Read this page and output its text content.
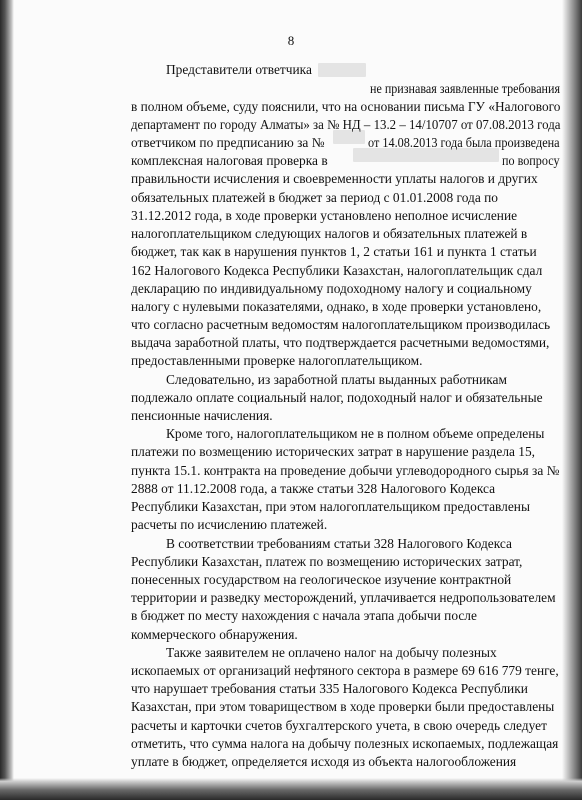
8
Представители ответчика
не признавая заявленные требования
в полном объеме, суду пояснили, что на основании письма ГУ «Налогового
департамент по городу Алматы» за № НД – 13.2 – 14/10707 от 07.08.2013 года
ответчиком по предписанию за №	от 14.08.2013 года была произведена
комплексная налоговая проверка в	по вопросу
правильности исчисления и своевременности уплаты налогов и других
обязательных платежей в бюджет за период с 01.01.2008 года по
31.12.2012 года, в ходе проверки установлено неполное исчисление
налогоплательщиком следующих налогов и обязательных платежей в
бюджет, так как в нарушения пунктов 1, 2 статьи 161 и пункта 1 статьи
162 Налогового Кодекса Республики Казахстан, налогоплательщик сдал
декларацию по индивидуальному подоходному налогу и социальному
налогу с нулевыми показателями, однако, в ходе проверки установлено,
что согласно расчетным ведомостям налогоплательщиком производилась
выдача заработной платы, что подтверждается расчетными ведомостями,
предоставленными проверке налогоплательщиком.
Следовательно, из заработной платы выданных работникам
подлежало оплате социальный налог, подоходный налог и обязательные
пенсионные начисления.
Кроме того, налогоплательщиком не в полном объеме определены
платежи по возмещению исторических затрат в нарушение раздела 15,
пункта 15.1. контракта на проведение добычи углеводородного сырья за №
2888 от 11.12.2008 года, а также статьи 328 Налогового Кодекса
Республики Казахстан, при этом налогоплательщиком предоставлены
расчеты по исчислению платежей.
В соответствии требованиям статьи 328 Налогового Кодекса
Республики Казахстан, платеж по возмещению исторических затрат,
понесенных государством на геологическое изучение контрактной
территории и разведку месторождений, уплачивается недропользователем
в бюджет по месту нахождения с начала этапа добычи после
коммерческого обнаружения.
Также заявителем не оплачено налог на добычу полезных
ископаемых от организаций нефтяного сектора в размере 69 616 779 тенге,
что нарушает требования статьи 335 Налогового Кодекса Республики
Казахстан, при этом товариществом в ходе проверки были предоставлены
расчеты и карточки счетов бухгалтерского учета, в свою очередь следует
отметить, что сумма налога на добычу полезных ископаемых, подлежащая
уплате в бюджет, определяется исходя из объекта налогообложения
